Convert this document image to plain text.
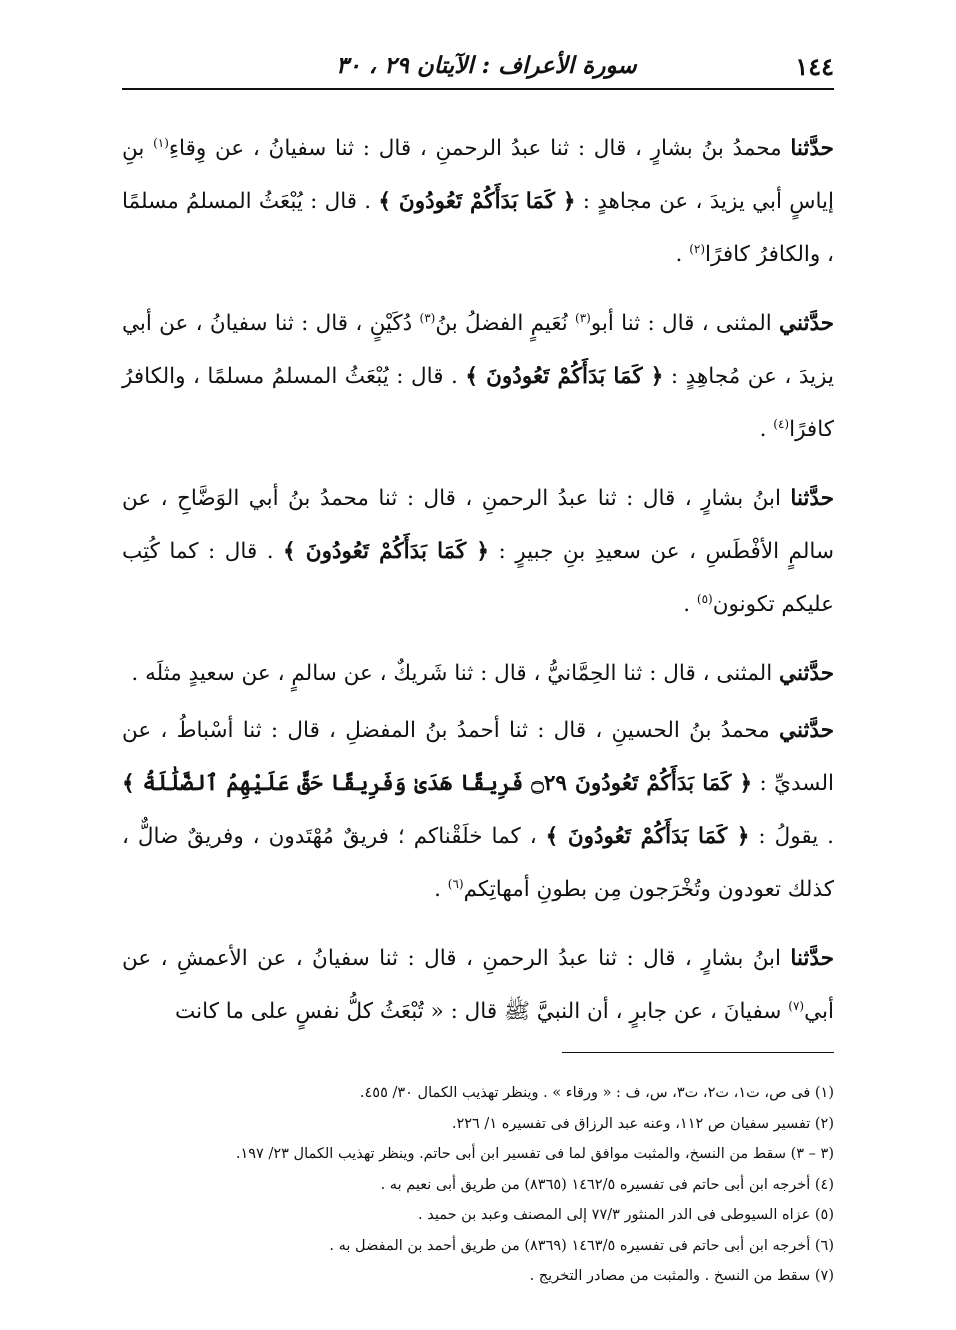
١٤٤
سورة الأعراف : الآيتان ٢٩ ، ٣٠

حدَّثنا محمدُ بنُ بشارٍ ، قال : ثنا عبدُ الرحمنِ ، قال : ثنا سفيانُ ، عن وِقاءِ$^{(١)}$ بنِ إياسٍ أبي يزيدَ ، عن مجاهدٍ : ﴿ كَمَا بَدَأَكُمْ تَعُودُونَ ﴾ . قال : يُبْعَثُ المسلمُ مسلمًا ، والكافرُ كافرًا$^{(٢)}$ .

حدَّثني المثنى ، قال : ثنا أبو$^{(٣)}$ نُعَيمٍ الفضلُ بنُ$^{(٣)}$ دُكَيْنٍ ، قال : ثنا سفيانُ ، عن أبي يزيدَ ، عن مُجاهِدٍ : ﴿ كَمَا بَدَأَكُمْ تَعُودُونَ ﴾ . قال : يُبْعَثُ المسلمُ مسلمًا ، والكافرُ كافرًا$^{(٤)}$ .

حدَّثنا ابنُ بشارٍ ، قال : ثنا عبدُ الرحمنِ ، قال : ثنا محمدُ بنُ أبي الوَضَّاحِ ، عن سالمٍ الأفْطَسِ ، عن سعيدِ بنِ جبيرٍ : ﴿ كَمَا بَدَأَكُمْ تَعُودُونَ ﴾ . قال : كما كُتِب عليكم تكونون$^{(٥)}$ .

حدَّثني المثنى ، قال : ثنا الحِمَّانيُّ ، قال : ثنا شَريكٌ ، عن سالمٍ ، عن سعيدٍ مثلَه .

حدَّثني محمدُ بنُ الحسينِ ، قال : ثنا أحمدُ بنُ المفضلِ ، قال : ثنا أسْباطُ ، عن السديِّ : ﴿ كَمَا بَدَأَكُمْ تَعُودُونَ ۝٢٩ فَرِيقًا هَدَىٰ وَفَرِيقًا حَقَّ عَلَيْهِمُ ٱلضَّلَٰلَةُ ﴾ . يقولُ : ﴿ كَمَا بَدَأَكُمْ تَعُودُونَ ﴾ ، كما خلَقْناكم ؛ فريقٌ مُهْتَدون ، وفريقٌ ضالٌّ ، كذلك تعودون وتُخْرَجون مِن بطونِ أمهاتِكم$^{(٦)}$ .

حدَّثنا ابنُ بشارٍ ، قال : ثنا عبدُ الرحمنِ ، قال : ثنا سفيانُ ، عن الأعمشِ ، عن أبي$^{(٧)}$ سفيانَ ، عن جابرٍ ، أن النبيَّ ﷺ قال : « تُبْعَثُ كلُّ نفسٍ على ما كانت

(١) فى ص، ت١، ت٢، ت٣، س، ف : « ورقاء » . وينظر تهذيب الكمال ٣٠/ ٤٥٥.

(٢) تفسير سفيان ص ١١٢، وعنه عبد الرزاق فى تفسيره ١/ ٢٢٦.

(٣ – ٣) سقط من النسخ، والمثبت موافق لما فى تفسير ابن أبى حاتم. وينظر تهذيب الكمال ٢٣/ ١٩٧.

(٤) أخرجه ابن أبى حاتم فى تفسيره ١٤٦٢/٥ (٨٣٦٥) من طريق أبى نعيم به .

(٥) عزاه السيوطى فى الدر المنثور ٧٧/٣ إلى المصنف وعبد بن حميد .

(٦) أخرجه ابن أبى حاتم فى تفسيره ١٤٦٣/٥ (٨٣٦٩) من طريق أحمد بن المفضل به .

(٧) سقط من النسخ . والمثبت من مصادر التخريج .
